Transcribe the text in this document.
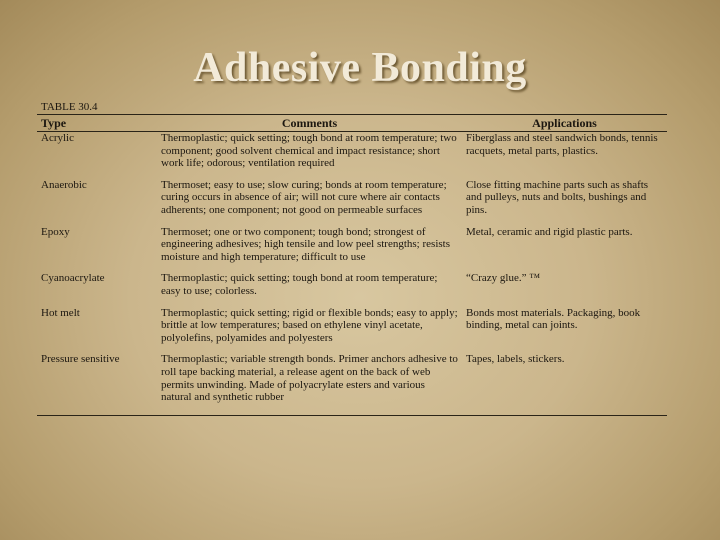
Adhesive Bonding
TABLE 30.4
Type	Comments	Applications

Acrylic	Thermoplastic; quick setting; tough bond at room temperature; two component; good solvent chemical and impact resistance; short work life; odorous; ventilation required	Fiberglass and steel sandwich bonds, tennis racquets, metal parts, plastics.
Anaerobic	Thermoset; easy to use; slow curing; bonds at room temperature; curing occurs in absence of air; will not cure where air contacts adherents; one component; not good on permeable surfaces	Close fitting machine parts such as shafts and pulleys, nuts and bolts, bushings and pins.
Epoxy	Thermoset; one or two component; tough bond; strongest of engineering adhesives; high tensile and low peel strengths; resists moisture and high temperature; difficult to use	Metal, ceramic and rigid plastic parts.
Cyanoacrylate	Thermoplastic; quick setting; tough bond at room temperature; easy to use; colorless.	“Crazy glue.” ™
Hot melt	Thermoplastic; quick setting; rigid or flexible bonds; easy to apply; brittle at low temperatures; based on ethylene vinyl acetate, polyolefins, polyamides and polyesters	Bonds most materials. Packaging, book binding, metal can joints.
Pressure sensitive	Thermoplastic; variable strength bonds. Primer anchors adhesive to roll tape backing material, a release agent on the back of web permits unwinding. Made of polyacrylate esters and various natural and synthetic rubber	Tapes, labels, stickers.
